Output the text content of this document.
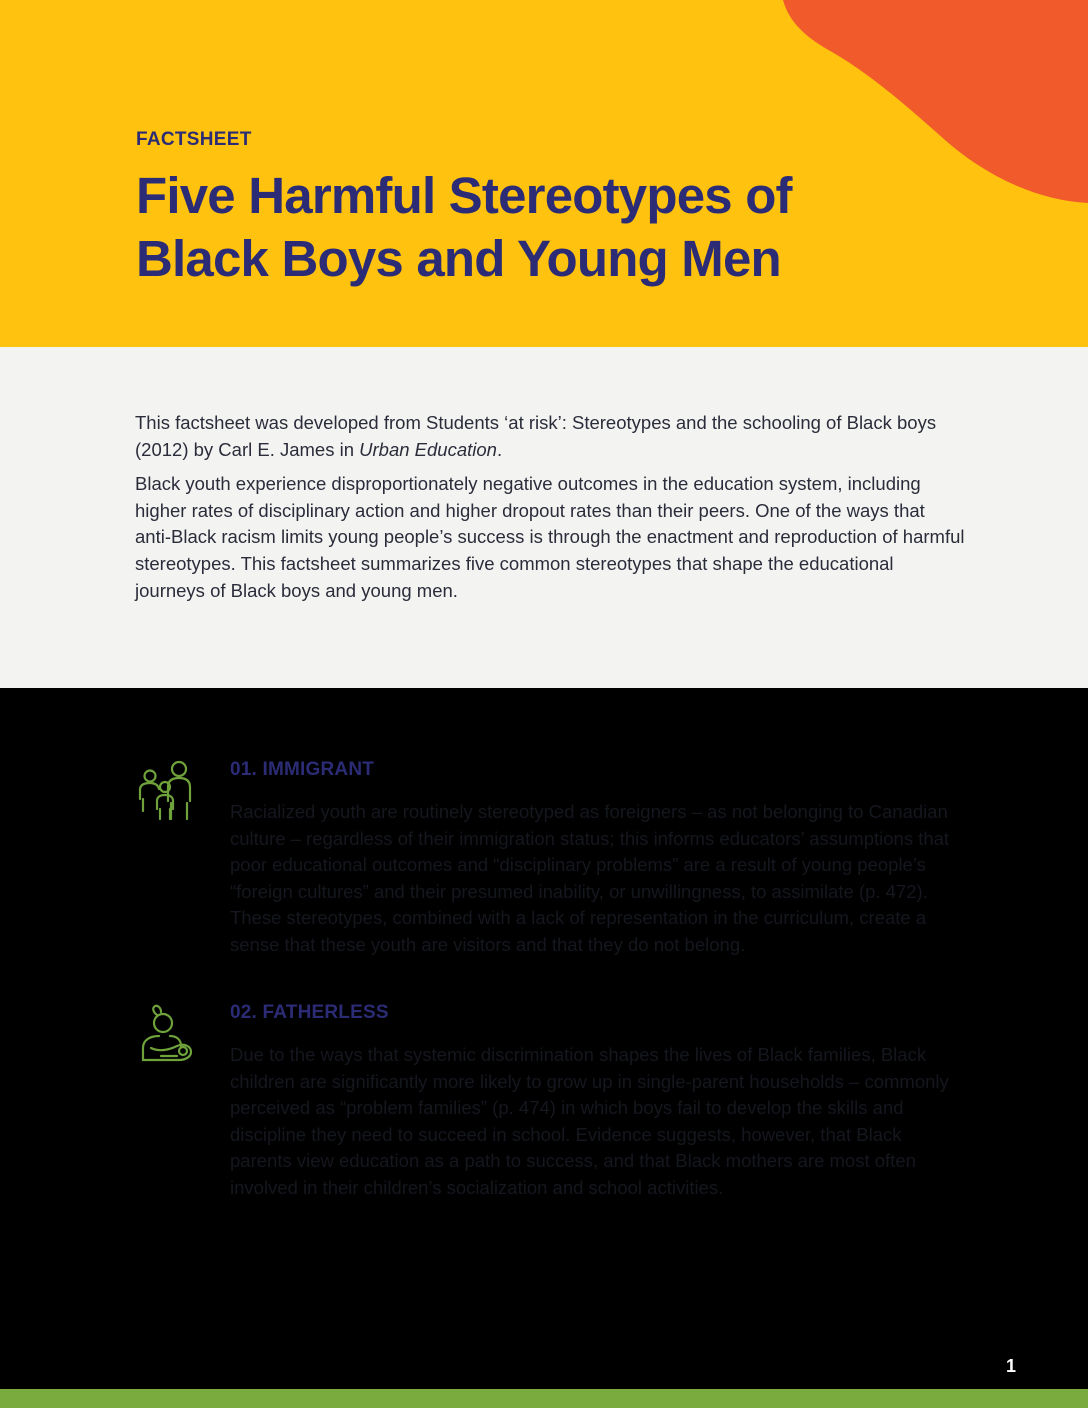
FACTSHEET
Five Harmful Stereotypes of Black Boys and Young Men

This factsheet was developed from Students ‘at risk’: Stereotypes and the schooling of Black boys (2012) by Carl E. James in Urban Education.

Black youth experience disproportionately negative outcomes in the education system, including higher rates of disciplinary action and higher dropout rates than their peers. One of the ways that anti-Black racism limits young people’s success is through the enactment and reproduction of harmful stereotypes. This factsheet summarizes five common stereotypes that shape the educational journeys of Black boys and young men.

01. IMMIGRANT

Racialized youth are routinely stereotyped as foreigners – as not belonging to Canadian culture – regardless of their immigration status; this informs educators’ assumptions that poor educational outcomes and “disciplinary problems” are a result of young people’s “foreign cultures” and their presumed inability, or unwillingness, to assimilate (p. 472). These stereotypes, combined with a lack of representation in the curriculum, create a sense that these youth are visitors and that they do not belong.

02. FATHERLESS

Due to the ways that systemic discrimination shapes the lives of Black families, Black children are significantly more likely to grow up in single-parent households – commonly perceived as “problem families” (p. 474) in which boys fail to develop the skills and discipline they need to succeed in school. Evidence suggests, however, that Black parents view education as a path to success, and that Black mothers are most often involved in their children’s socialization and school activities.

1
